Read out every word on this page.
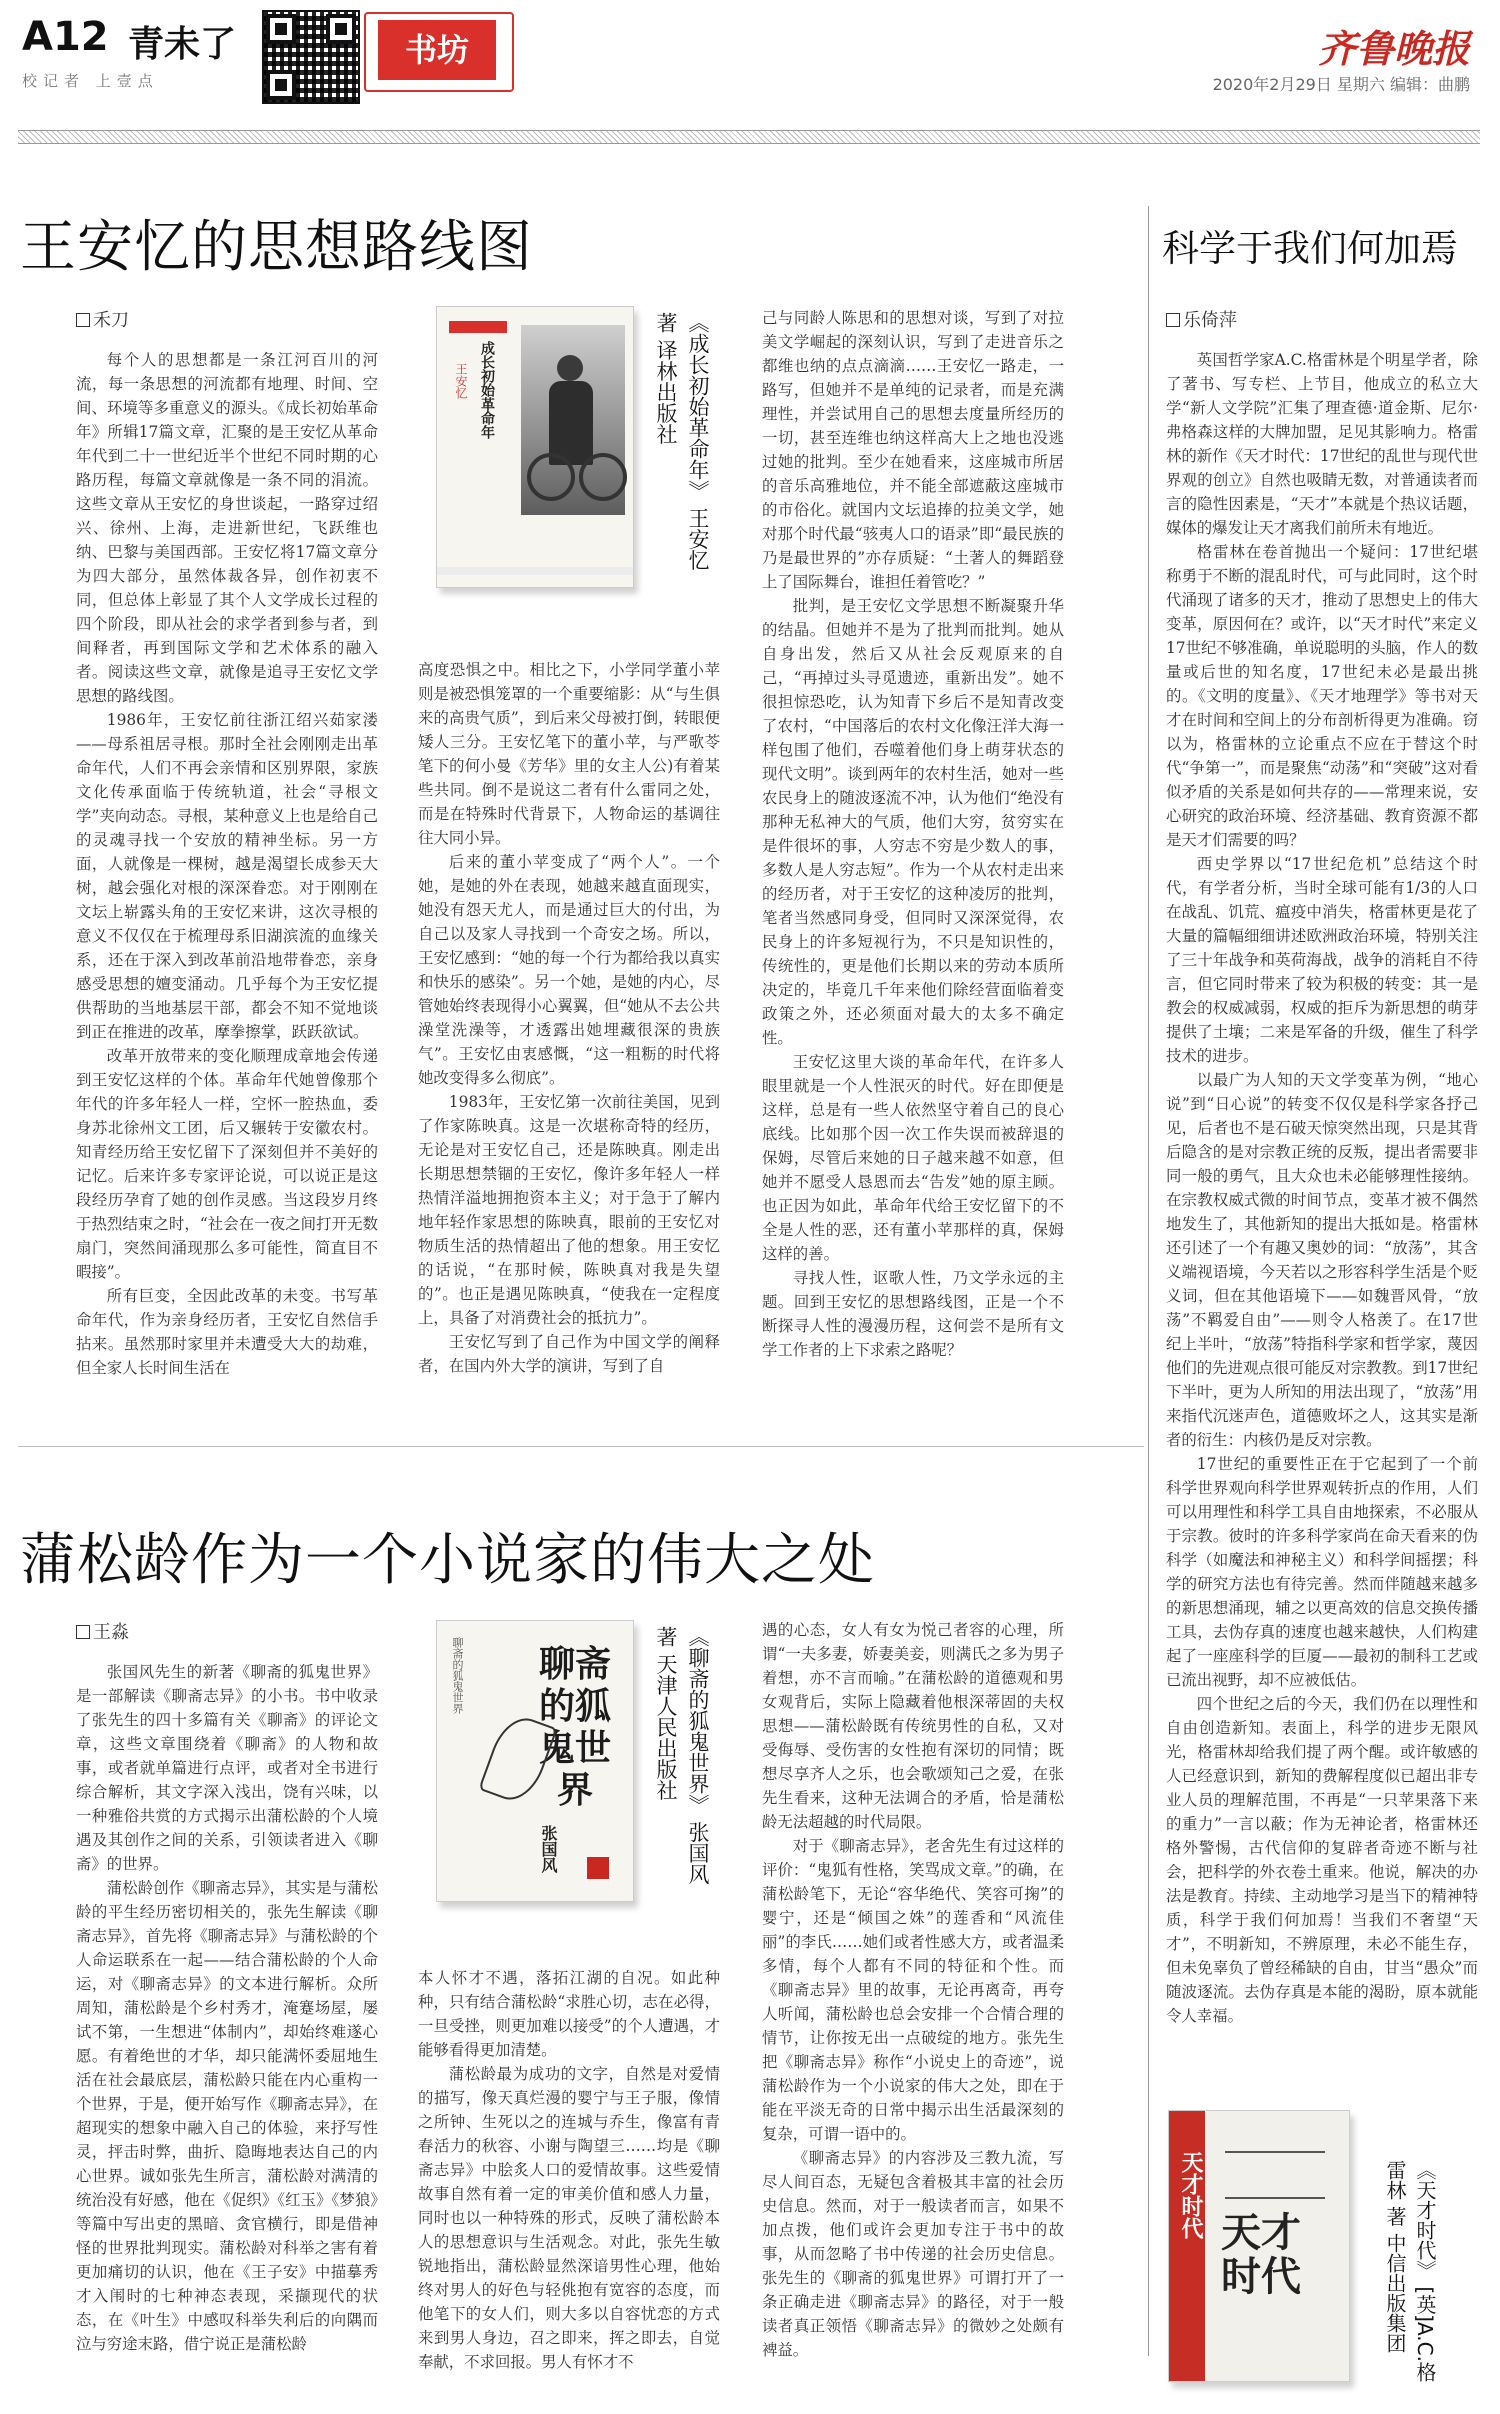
A12 青未了
校记者 上壹点
书坊	齐鲁晚报
2020年2月29日 星期六 编辑：曲鹏
王安忆的思想路线图
禾刀

每个人的思想都是一条江河百川的河流，每一条思想的河流都有地理、时间、空间、环境等多重意义的源头。《成长初始革命年》所辑17篇文章，汇聚的是王安忆从革命年代到二十一世纪近半个世纪不同时期的心路历程，每篇文章就像是一条不同的涓流。这些文章从王安忆的身世谈起，一路穿过绍兴、徐州、上海，走进新世纪，飞跃维也纳、巴黎与美国西部。王安忆将17篇文章分为四大部分，虽然体裁各异，创作初衷不同，但总体上彰显了其个人文学成长过程的四个阶段，即从社会的求学者到参与者，到间释者，再到国际文学和艺术体系的融入者。阅读这些文章，就像是追寻王安忆文学思想的路线图。

1986年，王安忆前往浙江绍兴茹家溇——母系祖居寻根。那时全社会刚刚走出革命年代，人们不再会亲情和区别界限，家族文化传承面临于传统轨道，社会“寻根文学”夹向动态。寻根，某种意义上也是给自己的灵魂寻找一个安放的精神坐标。另一方面，人就像是一棵树，越是渴望长成参天大树，越会强化对根的深深眷恋。对于刚刚在文坛上崭露头角的王安忆来讲，这次寻根的意义不仅仅在于梳理母系旧湖滨流的血缘关系，还在于深入到改革前沿地带眷恋，亲身感受思想的嬗变涌动。几乎每个为王安忆提供帮助的当地基层干部，都会不知不觉地谈到正在推进的改革，摩拳擦掌，跃跃欲试。

改革开放带来的变化顺理成章地会传递到王安忆这样的个体。革命年代她曾像那个年代的许多年轻人一样，空怀一腔热血，委身苏北徐州文工团，后又辗转于安徽农村。知青经历给王安忆留下了深刻但并不美好的记忆。后来许多专家评论说，可以说正是这段经历孕育了她的创作灵感。当这段岁月终于热烈结束之时，“社会在一夜之间打开无数扇门，突然间涌现那么多可能性，简直目不暇接”。

所有巨变，全因此改革的未变。书写革命年代，作为亲身经历者，王安忆自然信手拈来。虽然那时家里并未遭受大大的劫难，但全家人长时间生活在

成长初始革命年
王安忆	《成长初始革命年》 王安忆 著 译林出版社

高度恐惧之中。相比之下，小学同学董小苹则是被恐惧笼罩的一个重要缩影：从“与生俱来的高贵气质”，到后来父母被打倒，转眼便矮人三分。王安忆笔下的董小苹，与严歌苓笔下的何小曼《芳华》里的女主人公)有着某些共同。倒不是说这二者有什么雷同之处，而是在特殊时代背景下，人物命运的基调往往大同小异。

后来的董小苹变成了“两个人”。一个她，是她的外在表现，她越来越直面现实，她没有怨天尤人，而是通过巨大的付出，为自己以及家人寻找到一个奇安之场。所以，王安忆感到：“她的每一个行为都给我以真实和快乐的感染”。另一个她，是她的内心，尽管她始终表现得小心翼翼，但“她从不去公共澡堂洗澡等，才透露出她埋藏很深的贵族气”。王安忆由衷感慨，“这一粗粝的时代将她改变得多么彻底”。

1983年，王安忆第一次前往美国，见到了作家陈映真。这是一次堪称奇特的经历，无论是对王安忆自己，还是陈映真。刚走出长期思想禁锢的王安忆，像许多年轻人一样热情洋溢地拥抱资本主义；对于急于了解内地年轻作家思想的陈映真，眼前的王安忆对物质生活的热情超出了他的想象。用王安忆的话说，“在那时候，陈映真对我是失望的”。也正是遇见陈映真，“使我在一定程度上，具备了对消费社会的抵抗力”。

王安忆写到了自己作为中国文学的阐释者，在国内外大学的演讲，写到了自

己与同龄人陈思和的思想对谈，写到了对拉美文学崛起的深刻认识，写到了走进音乐之都维也纳的点点滴滴……王安忆一路走，一路写，但她并不是单纯的记录者，而是充满理性，并尝试用自己的思想去度量所经历的一切，甚至连维也纳这样高大上之地也没逃过她的批判。至少在她看来，这座城市所居的音乐高雅地位，并不能全部遮蔽这座城市的市俗化。就国内文坛追捧的拉美文学，她对那个时代最“骇夷人口的语录”即“最民族的乃是最世界的”亦存质疑：“土著人的舞蹈登上了国际舞台，谁担任着管吃？”

批判，是王安忆文学思想不断凝聚升华的结晶。但她并不是为了批判而批判。她从自身出发，然后又从社会反观原来的自己，“再掉过头寻觅遗迹，重新出发”。她不很担惊恐吃，认为知青下乡后不是知青改变了农村，“中国落后的农村文化像汪洋大海一样包围了他们，吞噬着他们身上萌芽状态的现代文明”。谈到两年的农村生活，她对一些农民身上的随波逐流不冲，认为他们“绝没有那种无私神大的气质，他们大穷，贫穷实在是件很坏的事，人穷志不穷是少数人的事，多数人是人穷志短”。作为一个从农村走出来的经历者，对于王安忆的这种凌厉的批判，笔者当然感同身受，但同时又深深觉得，农民身上的许多短视行为，不只是知识性的，传统性的，更是他们长期以来的劳动本质所决定的，毕竟几千年来他们除经营面临着变政策之外，还必须面对最大的太多不确定性。

王安忆这里大谈的革命年代，在许多人眼里就是一个人性泯灭的时代。好在即便是这样，总是有一些人依然坚守着自己的良心底线。比如那个因一次工作失误而被辞退的保姆，尽管后来她的日子越来越不如意，但她并不愿受人恳恩而去“告发”她的原主顾。也正因为如此，革命年代给王安忆留下的不全是人性的恶，还有董小苹那样的真，保姆这样的善。

寻找人性，讴歌人性，乃文学永远的主题。回到王安忆的思想路线图，正是一个不断探寻人性的漫漫历程，这何尝不是所有文学工作者的上下求索之路呢？

科学于我们何加焉
乐倚萍

英国哲学家A.C.格雷林是个明星学者，除了著书、写专栏、上节目，他成立的私立大学“新人文学院”汇集了理查德·道金斯、尼尔·弗格森这样的大牌加盟，足见其影响力。格雷林的新作《天才时代：17世纪的乱世与现代世界观的创立》自然也吸睛无数，对普通读者而言的隐性因素是，“天才”本就是个热议话题，媒体的爆发让天才离我们前所未有地近。

格雷林在卷首抛出一个疑问：17世纪堪称勇于不断的混乱时代，可与此同时，这个时代涌现了诸多的天才，推动了思想史上的伟大变革，原因何在？或许，以“天才时代”来定义17世纪不够准确，单说聪明的头脑，作人的数量或后世的知名度，17世纪未必是最出挑的。《文明的度量》、《天才地理学》等书对天才在时间和空间上的分布剖析得更为准确。窃以为，格雷林的立论重点不应在于替这个时代“争第一”，而是聚焦“动荡”和“突破”这对看似矛盾的关系是如何共存的——常理来说，安心研究的政治环境、经济基础、教育资源不都是天才们需要的吗？

西史学界以“17世纪危机”总结这个时代，有学者分析，当时全球可能有1/3的人口在战乱、饥荒、瘟疫中消失，格雷林更是花了大量的篇幅细细讲述欧洲政治环境，特别关注了三十年战争和英荷海战，战争的消耗自不待言，但它同时带来了较为积极的转变：其一是教会的权威减弱，权威的拒斥为新思想的萌芽提供了土壤；二来是军备的升级，催生了科学技术的进步。

以最广为人知的天文学变革为例，“地心说”到“日心说”的转变不仅仅是科学家各抒己见，后者也不是石破天惊突然出现，只是其背后隐含的是对宗教正统的反叛，提出者需要非同一般的勇气，且大众也未必能够理性接纳。在宗教权威式微的时间节点，变革才被不偶然地发生了，其他新知的提出大抵如是。格雷林还引述了一个有趣又奥妙的词：“放荡”，其含义端视语境，今天若以之形容科学生活是个贬义词，但在其他语境下——如魏晋风骨，“放荡”不羁爱自由”——则令人格羡了。在17世纪上半叶，“放荡”特指科学家和哲学家，蔑因他们的先进观点很可能反对宗教教。到17世纪下半叶，更为人所知的用法出现了，“放荡”用来指代沉迷声色，道德败坏之人，这其实是渐者的衍生：内核仍是反对宗教。

17世纪的重要性正在于它起到了一个前科学世界观向科学世界观转折点的作用，人们可以用理性和科学工具自由地探索，不必服从于宗教。彼时的许多科学家尚在命天看来的伪科学（如魔法和神秘主义）和科学间摇摆；科学的研究方法也有待完善。然而伴随越来越多的新思想涌现，辅之以更高效的信息交换传播工具，去伪存真的速度也越来越快，人们构建起了一座座科学的巨厦——最初的制科工艺或已流出视野，却不应被低估。

四个世纪之后的今天，我们仍在以理性和自由创造新知。表面上，科学的进步无限风光，格雷林却给我们提了两个醒。或许敏感的人已经意识到，新知的费解程度似已超出非专业人员的理解范围，不再是“一只苹果落下来的重力”一言以蔽；作为无神论者，格雷林还格外警惕，古代信仰的复辟者奇迹不断与社会，把科学的外衣卷土重来。他说，解决的办法是教育。持续、主动地学习是当下的精神特质，科学于我们何加焉！当我们不奢望“天才”，不明新知，不辨原理，未必不能生存，但未免辜负了曾经稀缺的自由，甘当“愚众”而随波逐流。去伪存真是本能的渴盼，原本就能令人幸福。

天才时代 天才时代	《天才时代》 [英]A.C.格雷林 著 中信出版集团
蒲松龄作为一个小说家的伟大之处
王淼

张国风先生的新著《聊斋的狐鬼世界》是一部解读《聊斋志异》的小书。书中收录了张先生的四十多篇有关《聊斋》的评论文章，这些文章围绕着《聊斋》的人物和故事，或者就单篇进行点评，或者对全书进行综合解析，其文字深入浅出，饶有兴味，以一种雅俗共赏的方式揭示出蒲松龄的个人境遇及其创作之间的关系，引领读者进入《聊斋》的世界。

蒲松龄创作《聊斋志异》，其实是与蒲松龄的平生经历密切相关的，张先生解读《聊斋志异》，首先将《聊斋志异》与蒲松龄的个人命运联系在一起——结合蒲松龄的个人命运，对《聊斋志异》的文本进行解析。众所周知，蒲松龄是个乡村秀才，淹蹇场屋，屡试不第，一生想进“体制内”，却始终难遂心愿。有着绝世的才华，却只能满怀委屈地生活在社会最底层，蒲松龄只能在内心重构一个世界，于是，便开始写作《聊斋志异》，在超现实的想象中融入自己的体验，来抒写性灵，抨击时弊，曲折、隐晦地表达自己的内心世界。诚如张先生所言，蒲松龄对满清的统治没有好感，他在《促织》《红玉》《梦狼》等篇中写出吏的黑暗、贪官横行，即是借神怪的世界批判现实。蒲松龄对科举之害有着更加痛切的认识，他在《王子安》中描摹秀才入闱时的七种神态表现，采撷现代的状态，在《叶生》中感叹科举失利后的向隅而泣与穷途末路，借宁说正是蒲松龄

聊斋的狐鬼世界 聊斋的狐鬼世界
张国风	《聊斋的狐鬼世界》 张国风 著 天津人民出版社

本人怀才不遇，落拓江湖的自况。如此种种，只有结合蒲松龄“求胜心切，志在必得，一旦受挫，则更加难以接受”的个人遭遇，才能够看得更加清楚。

蒲松龄最为成功的文字，自然是对爱情的描写，像天真烂漫的婴宁与王子服，像情之所钟、生死以之的连城与乔生，像富有青春活力的秋容、小谢与陶望三……均是《聊斋志异》中脍炙人口的爱情故事。这些爱情故事自然有着一定的审美价值和感人力量，同时也以一种特殊的形式，反映了蒲松龄本人的思想意识与生活观念。对此，张先生敏锐地指出，蒲松龄显然深谙男性心理，他始终对男人的好色与轻佻抱有宽容的态度，而他笔下的女人们，则大多以自容忧恋的方式来到男人身边，召之即来，挥之即去，自觉奉献，不求回报。男人有怀才不

遇的心态，女人有女为悦己者容的心理，所谓“一夫多妻，娇妻美妾，则满氏之多为男子着想，亦不言而喻。”在蒲松龄的道德观和男女观背后，实际上隐藏着他根深蒂固的夫权思想——蒲松龄既有传统男性的自私，又对受侮辱、受伤害的女性抱有深切的同情；既想尽享齐人之乐，也会歌颂知己之爱，在张先生看来，这种无法调合的矛盾，恰是蒲松龄无法超越的时代局限。

对于《聊斋志异》，老舍先生有过这样的评价：“鬼狐有性格，笑骂成文章。”的确，在蒲松龄笔下，无论“容华绝代、笑容可掬”的婴宁，还是“倾国之姝”的莲香和“风流佳丽”的李氏……她们或者性感大方，或者温柔多情，每个人都有不同的特征和个性。而《聊斋志异》里的故事，无论再离奇，再夸人听闻，蒲松龄也总会安排一个合情合理的情节，让你按无出一点破绽的地方。张先生把《聊斋志异》称作“小说史上的奇迹”，说蒲松龄作为一个小说家的伟大之处，即在于能在平淡无奇的日常中揭示出生活最深刻的复杂，可谓一语中的。

《聊斋志异》的内容涉及三教九流，写尽人间百态，无疑包含着极其丰富的社会历史信息。然而，对于一般读者而言，如果不加点拨，他们或许会更加专注于书中的故事，从而忽略了书中传递的社会历史信息。张先生的《聊斋的狐鬼世界》可谓打开了一条正确走进《聊斋志异》的路径，对于一般读者真正领悟《聊斋志异》的微妙之处颇有裨益。
